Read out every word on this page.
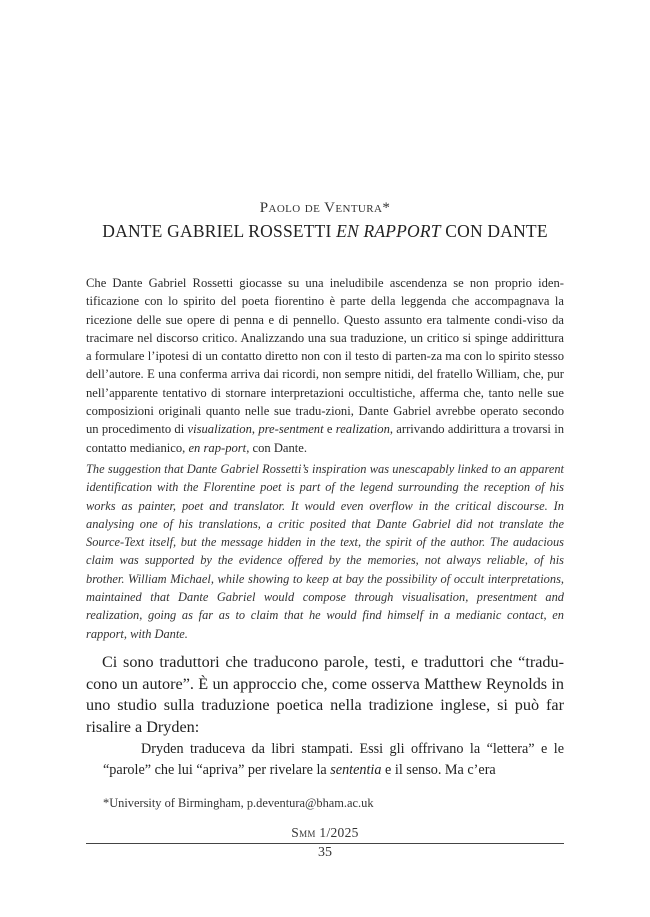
Paolo de Ventura*
DANTE GABRIEL ROSSETTI EN RAPPORT CON DANTE

Che Dante Gabriel Rossetti giocasse su una ineludibile ascendenza se non proprio iden-tificazione con lo spirito del poeta fiorentino è parte della leggenda che accompagnava la ricezione delle sue opere di penna e di pennello. Questo assunto era talmente condi-viso da tracimare nel discorso critico. Analizzando una sua traduzione, un critico si spinge addirittura a formulare l’ipotesi di un contatto diretto non con il testo di parten-za ma con lo spirito stesso dell’autore. E una conferma arriva dai ricordi, non sempre nitidi, del fratello William, che, pur nell’apparente tentativo di stornare interpretazioni occultistiche, afferma che, tanto nelle sue composizioni originali quanto nelle sue tradu-zioni, Dante Gabriel avrebbe operato secondo un procedimento di visualization, pre-sentment e realization, arrivando addirittura a trovarsi in contatto medianico, en rap-port, con Dante.

The suggestion that Dante Gabriel Rossetti’s inspiration was unescapably linked to an apparent identification with the Florentine poet is part of the legend surrounding the reception of his works as painter, poet and translator. It would even overflow in the critical discourse. In analysing one of his translations, a critic posited that Dante Gabriel did not translate the Source-Text itself, but the message hidden in the text, the spirit of the author. The audacious claim was supported by the evidence offered by the memories, not always reliable, of his brother. William Michael, while showing to keep at bay the possibility of occult interpretations, maintained that Dante Gabriel would compose through visualisation, presentment and realization, going as far as to claim that he would find himself in a medianic contact, en rapport, with Dante.

Ci sono traduttori che traducono parole, testi, e traduttori che “tradu-cono un autore”. È un approccio che, come osserva Matthew Reynolds in uno studio sulla traduzione poetica nella tradizione inglese, si può far risalire a Dryden:

Dryden traduceva da libri stampati. Essi gli offrivano la “lettera” e le “parole” che lui “apriva” per rivelare la sententia e il senso. Ma c’era

*University of Birmingham, p.deventura@bham.ac.uk
Smm 1/2025
35
